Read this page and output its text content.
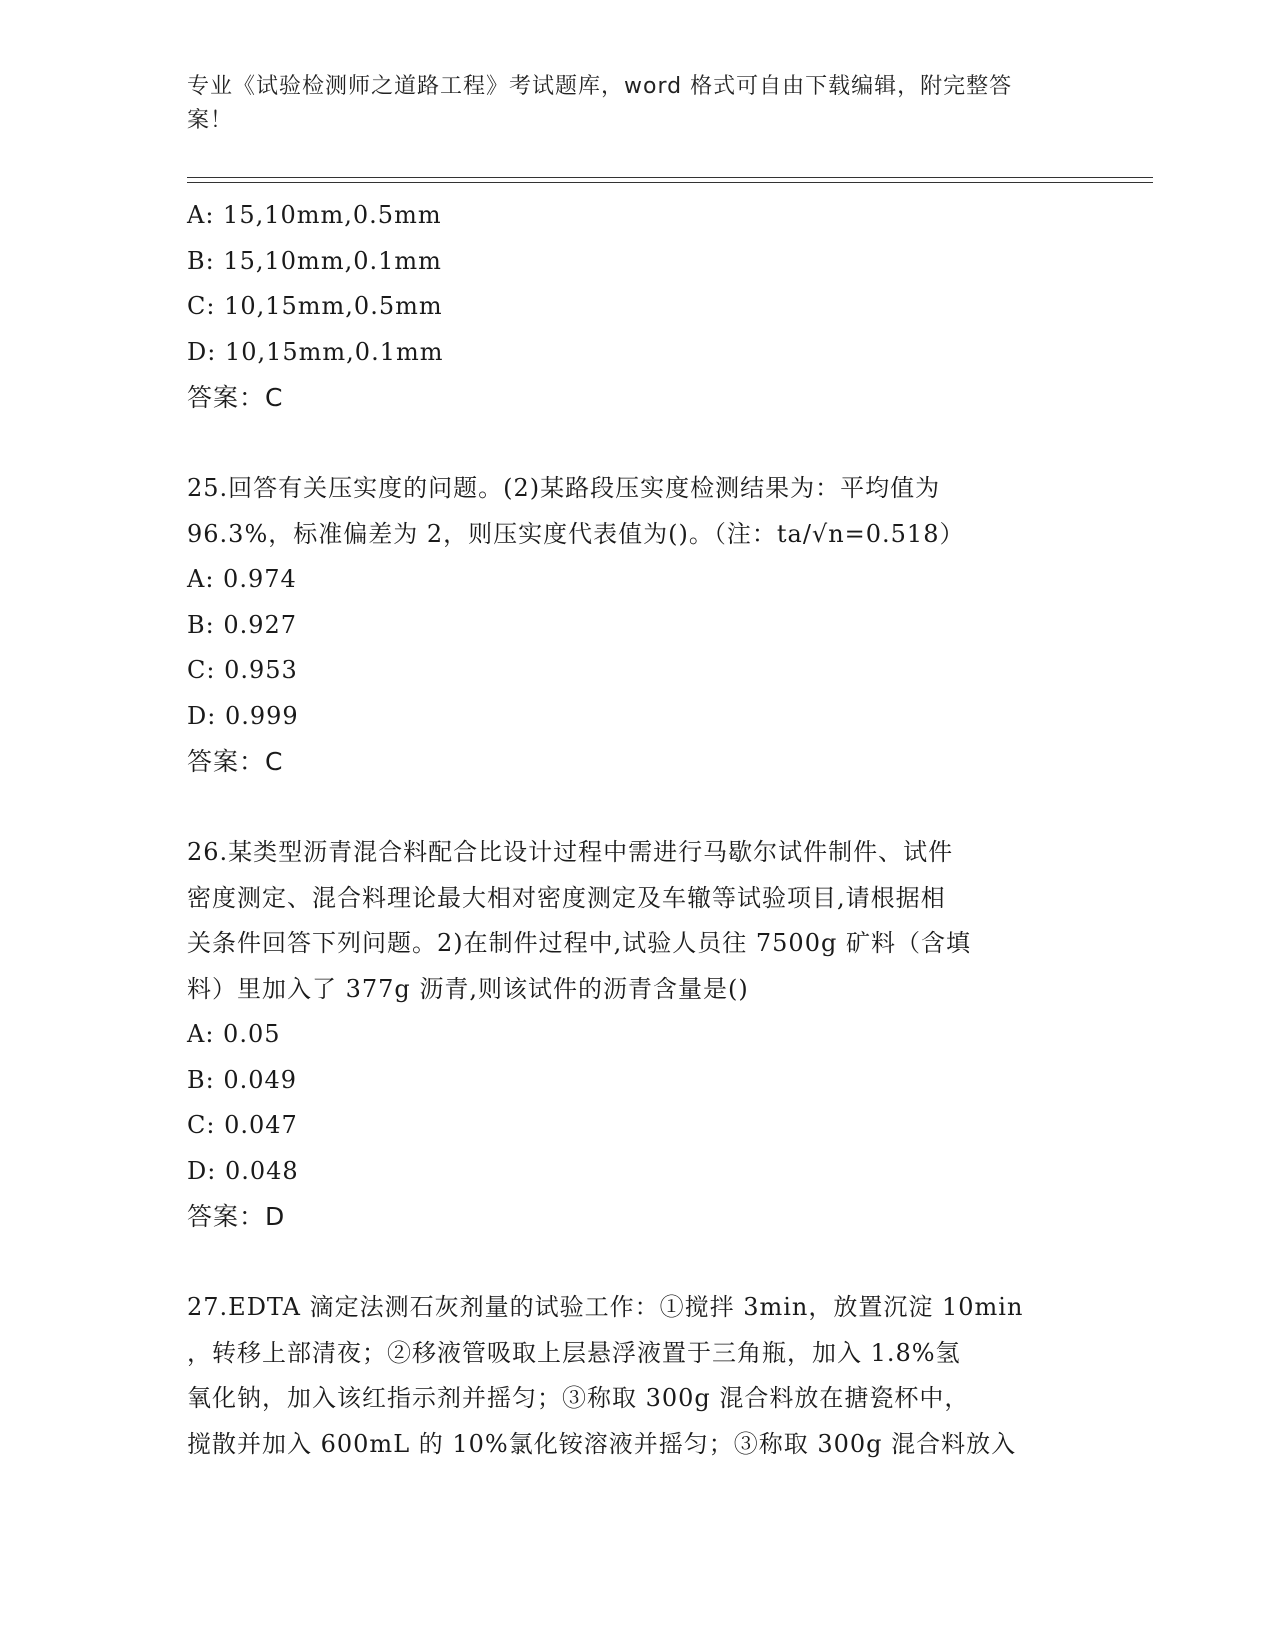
专业《试验检测师之道路工程》考试题库，word 格式可自由下载编辑，附完整答
案！
A: 15,10mm,0.5mm
B: 15,10mm,0.1mm
C: 10,15mm,0.5mm
D: 10,15mm,0.1mm
答案：C
25.回答有关压实度的问题。(2)某路段压实度检测结果为：平均值为
96.3%，标准偏差为 2，则压实度代表值为()。（注：ta/√n=0.518）
A: 0.974
B: 0.927
C: 0.953
D: 0.999
答案：C
26.某类型沥青混合料配合比设计过程中需进行马歇尔试件制件、试件
密度测定、混合料理论最大相对密度测定及车辙等试验项目,请根据相
关条件回答下列问题。2)在制件过程中,试验人员往 7500g 矿料（含填
料）里加入了 377g 沥青,则该试件的沥青含量是()
A: 0.05
B: 0.049
C: 0.047
D: 0.048
答案：D
27.EDTA 滴定法测石灰剂量的试验工作：①搅拌 3min，放置沉淀 10min
，转移上部清夜；②移液管吸取上层悬浮液置于三角瓶，加入 1.8%氢
氧化钠，加入该红指示剂并摇匀；③称取 300g 混合料放在搪瓷杯中，
搅散并加入 600mL 的 10%氯化铵溶液并摇匀；③称取 300g 混合料放入
